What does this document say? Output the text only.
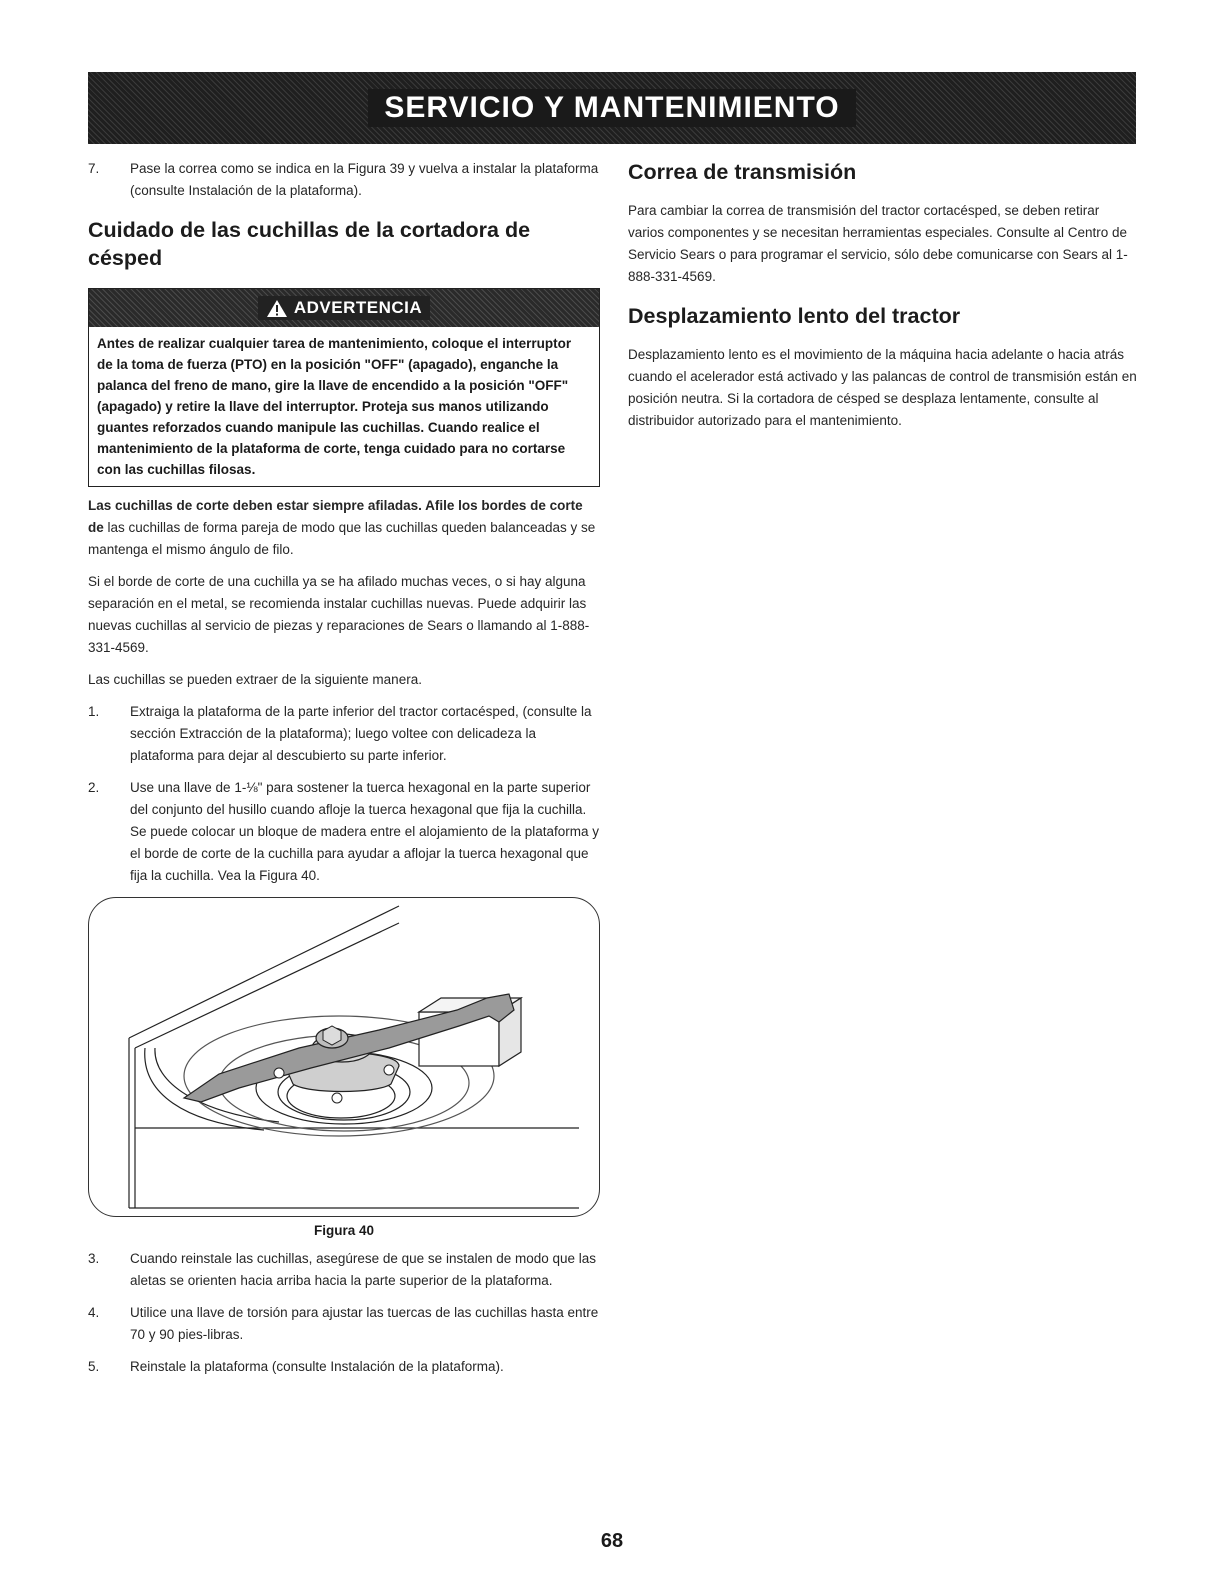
SERVICIO Y MANTENIMIENTO
7.	Pase la correa como se indica en la Figura 39 y vuelva a instalar la plataforma (consulte Instalación de la plataforma).
Cuidado de las cuchillas de la cortadora de césped
ADVERTENCIA
Antes de realizar cualquier tarea de mantenimiento, coloque el interruptor de la toma de fuerza (PTO) en la posición "OFF" (apagado), enganche la palanca del freno de mano, gire la llave de encendido a la posición "OFF" (apagado) y retire la llave del interruptor. Proteja sus manos utilizando guantes reforzados cuando manipule las cuchillas. Cuando realice el mantenimiento de la plataforma de corte, tenga cuidado para no cortarse con las cuchillas filosas.

Las cuchillas de corte deben estar siempre afiladas. Afile los bordes de corte de las cuchillas de forma pareja de modo que las cuchillas queden balanceadas y se mantenga el mismo ángulo de filo.

Si el borde de corte de una cuchilla ya se ha afilado muchas veces, o si hay alguna separación en el metal, se recomienda instalar cuchillas nuevas. Puede adquirir las nuevas cuchillas al servicio de piezas y reparaciones de Sears o llamando al 1-888-331-4569.

Las cuchillas se pueden extraer de la siguiente manera.

1.	Extraiga la plataforma de la parte inferior del tractor cortacésped, (consulte la sección Extracción de la plataforma); luego voltee con delicadeza la plataforma para dejar al descubierto su parte inferior.
2.	Use una llave de 1-⅛" para sostener la tuerca hexagonal en la parte superior del conjunto del husillo cuando afloje la tuerca hexagonal que fija la cuchilla. Se puede colocar un bloque de madera entre el alojamiento de la plataforma y el borde de corte de la cuchilla para ayudar a aflojar la tuerca hexagonal que fija la cuchilla. Vea la Figura 40.
Figura 40
3.	Cuando reinstale las cuchillas, asegúrese de que se instalen de modo que las aletas se orienten hacia arriba hacia la parte superior de la plataforma.
4.	Utilice una llave de torsión para ajustar las tuercas de las cuchillas hasta entre 70 y 90 pies-libras.
5.	Reinstale la plataforma (consulte Instalación de la plataforma).
Correa de transmisión

Para cambiar la correa de transmisión del tractor cortacésped, se deben retirar varios componentes y se necesitan herramientas especiales. Consulte al Centro de Servicio Sears o para programar el servicio, sólo debe comunicarse con Sears al 1-888-331-4569.

Desplazamiento lento del tractor

Desplazamiento lento es el movimiento de la máquina hacia adelante o hacia atrás cuando el acelerador está activado y las palancas de control de transmisión están en posición neutra. Si la cortadora de césped se desplaza lentamente, consulte al distribuidor autorizado para el mantenimiento.

68
